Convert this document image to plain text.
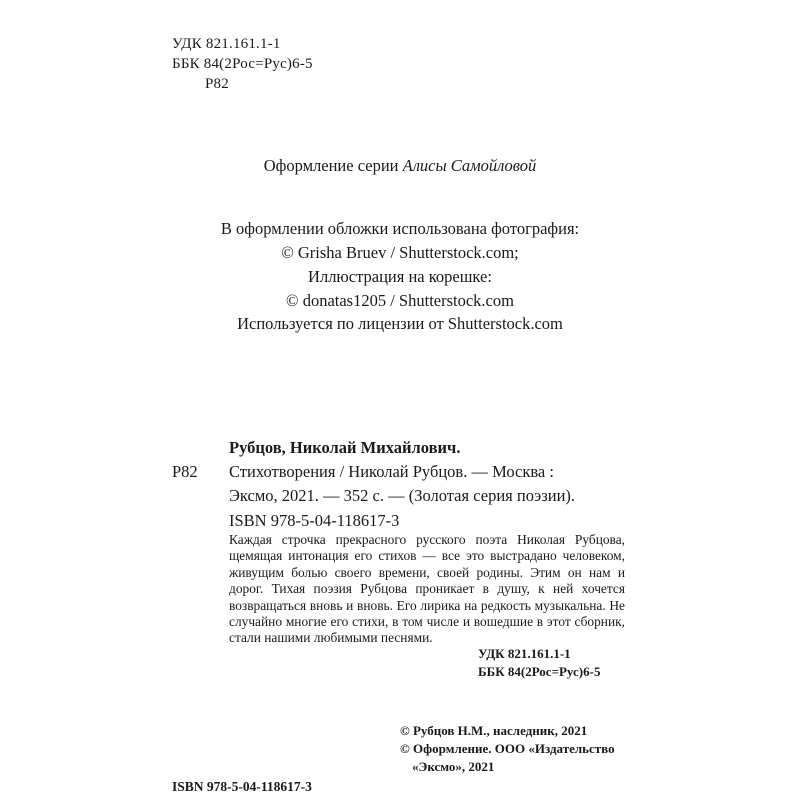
УДК 821.161.1-1
ББК 84(2Рос=Рус)6-5
Р82
Оформление серии Алисы Самойловой
В оформлении обложки использована фотография:
© Grisha Bruev / Shutterstock.com;
Иллюстрация на корешке:
© donatas1205 / Shutterstock.com
Используется по лицензии от Shutterstock.com
Рубцов, Николай Михайлович.
Р82 Стихотворения / Николай Рубцов. — Москва :
Эксмо, 2021. — 352 с. — (Золотая серия поэзии).
ISBN 978-5-04-118617-3
Каждая строчка прекрасного русского поэта Николая Рубцова, щемящая интонация его стихов — все это выстрадано человеком, живущим болью своего времени, своей родины. Этим он нам и дорог. Тихая поэзия Рубцова проникает в душу, к ней хочется возвращаться вновь и вновь. Его лирика на редкость музыкальна. Не случайно многие его стихи, в том числе и вошедшие в этот сборник, стали нашими любимыми песнями.
УДК 821.161.1-1
ББК 84(2Рос=Рус)6-5
© Рубцов Н.М., наследник, 2021
© Оформление. ООО «Издательство
«Эксмо», 2021
ISBN 978-5-04-118617-3
